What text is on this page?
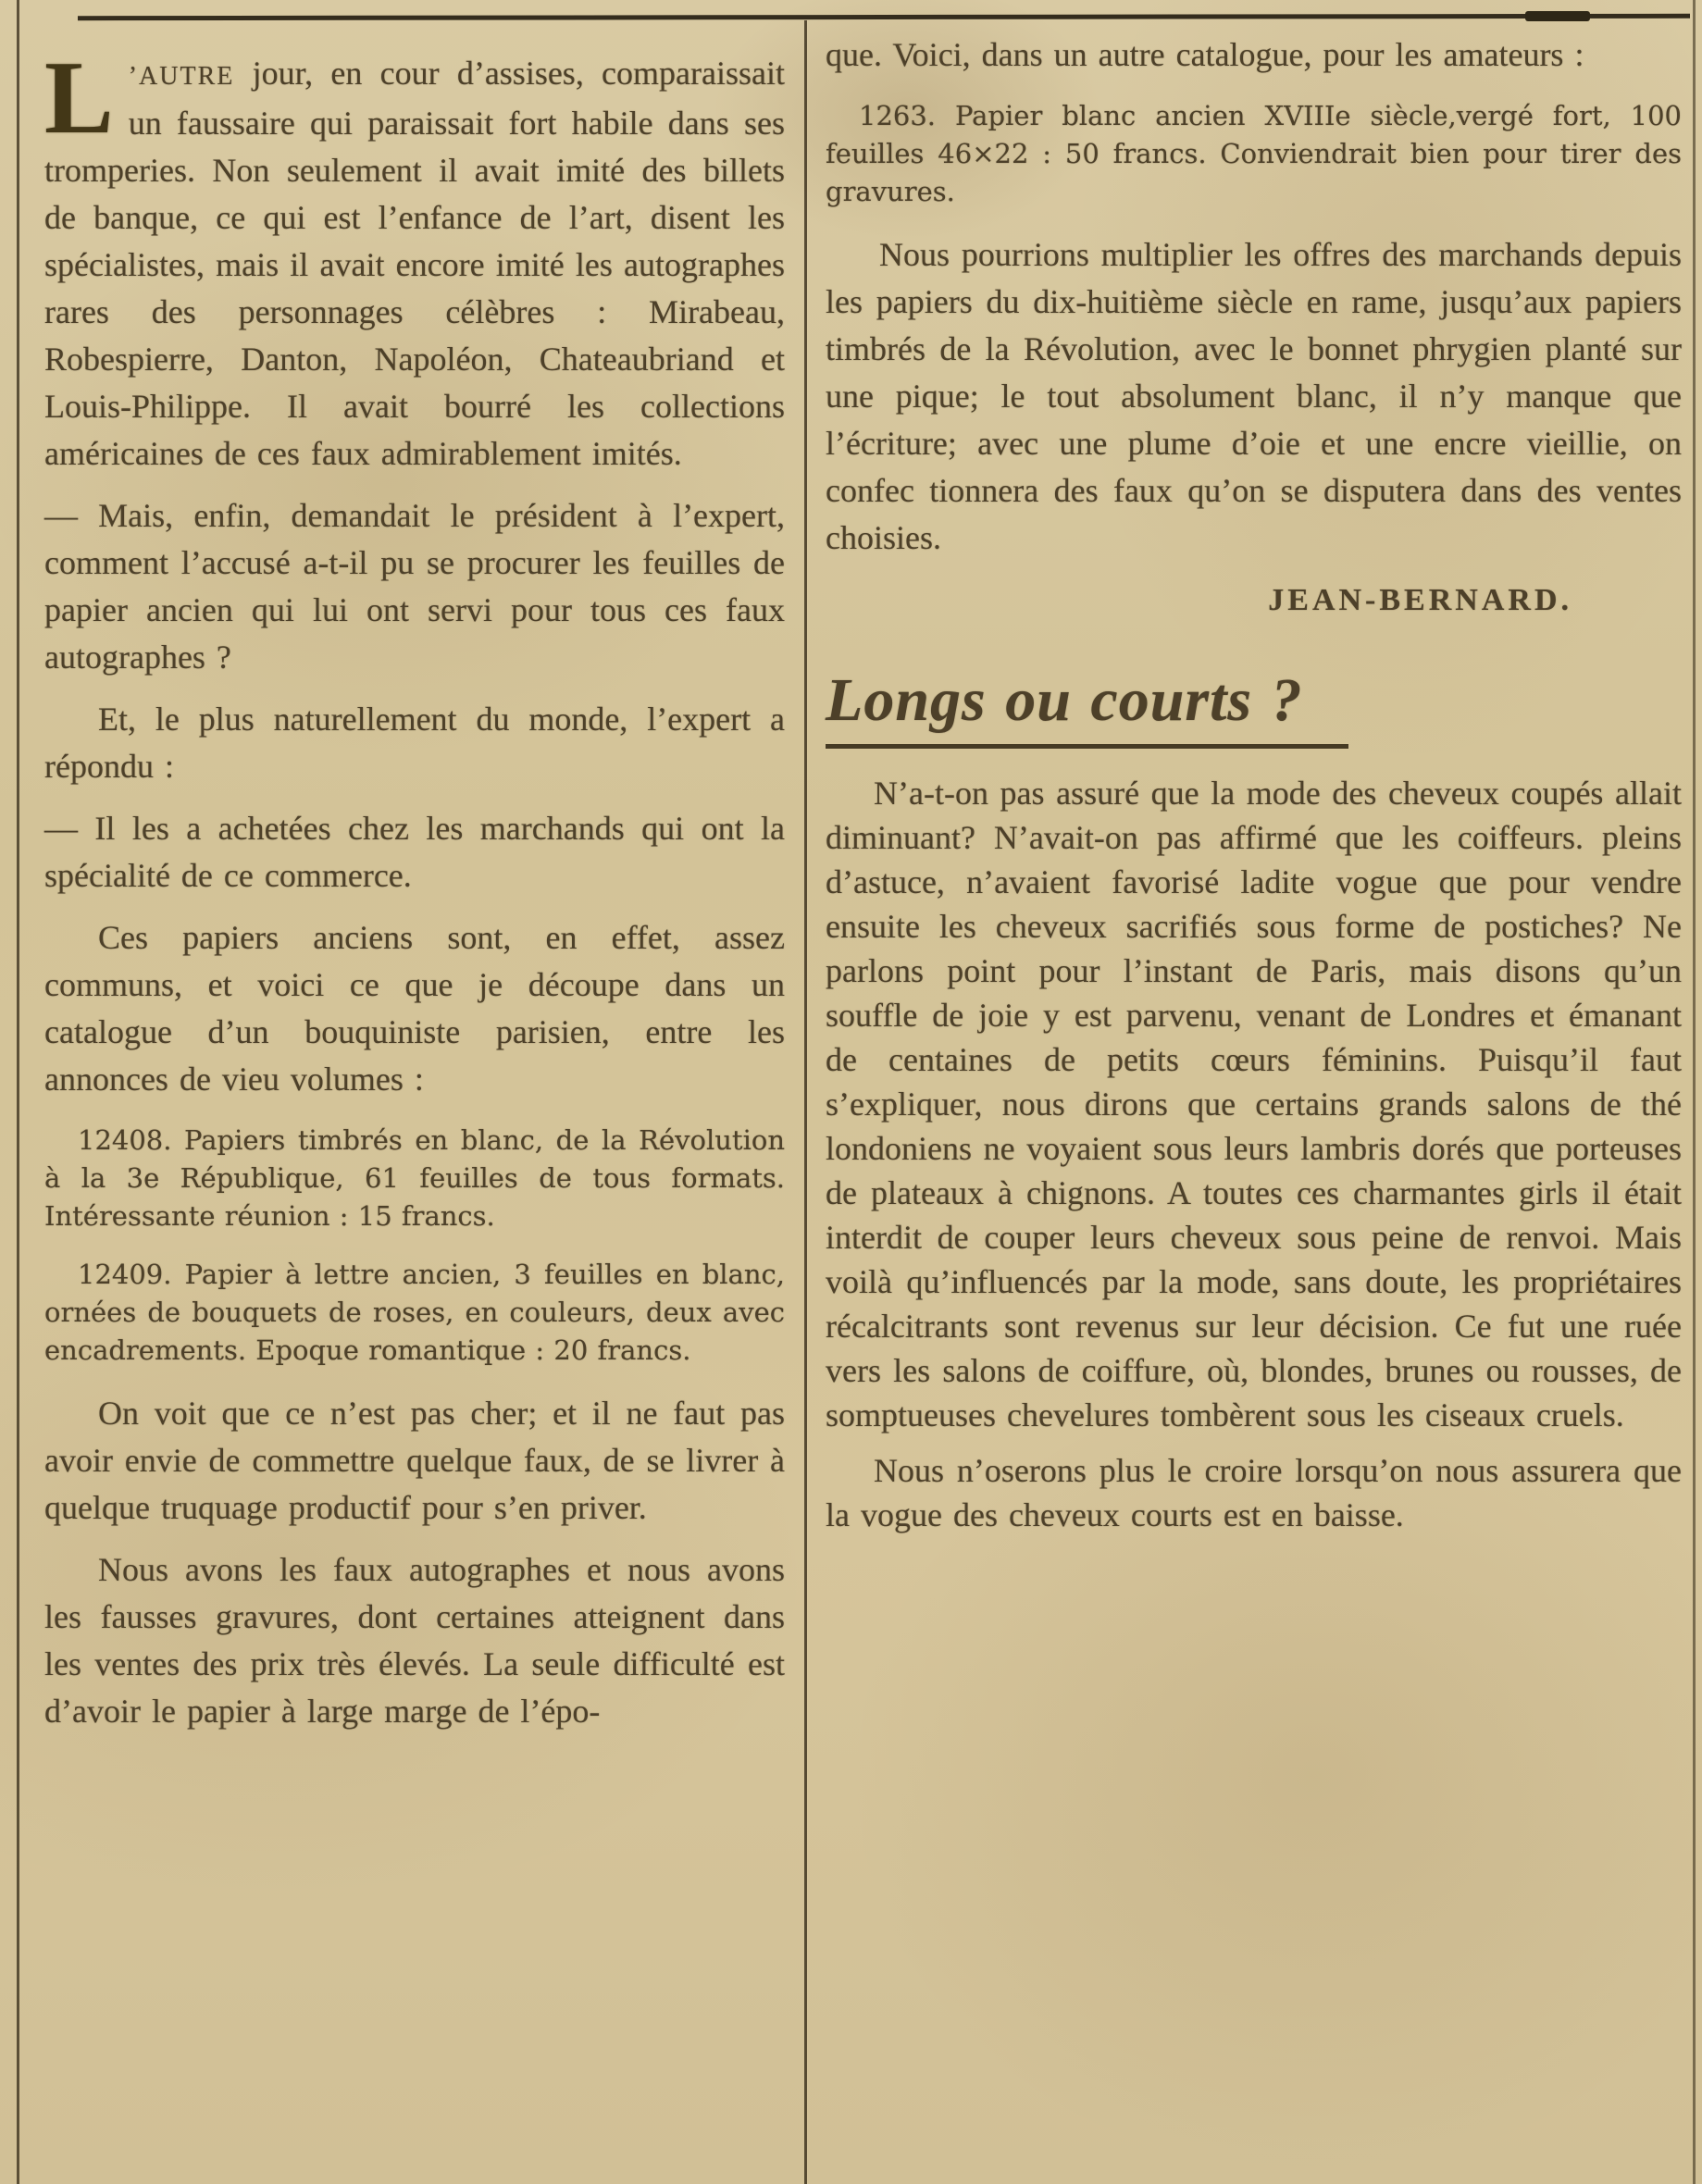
L ’AUTRE jour, en cour d’assises, comparaissait un faussaire qui paraissait fort habile dans ses tromperies. Non seulement il avait imité des billets de banque, ce qui est l’enfance de l’art, disent les spécialistes, mais il avait encore imité les autographes rares des personnages célèbres : Mirabeau, Robespierre, Danton, Napoléon, Chateaubriand et Louis-Philippe. Il avait bourré les collections américaines de ces faux admirablement imités.

— Mais, enfin, demandait le président à l’expert, comment l’accusé a-t-il pu se procurer les feuilles de papier ancien qui lui ont servi pour tous ces faux autographes ?

Et, le plus naturellement du monde, l’expert a répondu :

— Il les a achetées chez les marchands qui ont la spécialité de ce commerce.

Ces papiers anciens sont, en effet, assez communs, et voici ce que je découpe dans un catalogue d’un bouquiniste parisien, entre les annonces de vieu volumes :

12408. Papiers timbrés en blanc, de la Révolution à la 3e République, 61 feuilles de tous formats. Intéressante réunion : 15 francs.

12409. Papier à lettre ancien, 3 feuilles en blanc, ornées de bouquets de roses, en couleurs, deux avec encadrements. Epoque romantique : 20 francs.

On voit que ce n’est pas cher; et il ne faut pas avoir envie de commettre quelque faux, de se livrer à quelque truquage productif pour s’en priver.

Nous avons les faux autographes et nous avons les fausses gravures, dont certaines atteignent dans les ventes des prix très élevés. La seule difficulté est d’avoir le papier à large marge de l’épo-

que. Voici, dans un autre catalogue, pour les amateurs :

1263. Papier blanc ancien XVIIIe siècle,vergé fort, 100 feuilles 46×22 : 50 francs. Conviendrait bien pour tirer des gravures.

Nous pourrions multiplier les offres des marchands depuis les papiers du dix-huitième siècle en rame, jusqu’aux papiers timbrés de la Révolution, avec le bonnet phrygien planté sur une pique; le tout absolument blanc, il n’y manque que l’écriture; avec une plume d’oie et une encre vieillie, on confec tionnera des faux qu’on se disputera dans des ventes choisies.

JEAN-BERNARD.

Longs ou courts ?

N’a-t-on pas assuré que la mode des cheveux coupés allait diminuant? N’avait-on pas affirmé que les coiffeurs. pleins d’astuce, n’avaient favorisé ladite vogue que pour vendre ensuite les cheveux sacrifiés sous forme de postiches? Ne parlons point pour l’instant de Paris, mais disons qu’un souffle de joie y est parvenu, venant de Londres et émanant de centaines de petits cœurs féminins. Puisqu’il faut s’expliquer, nous dirons que certains grands salons de thé londoniens ne voyaient sous leurs lambris dorés que porteuses de plateaux à chignons. A toutes ces charmantes girls il était interdit de couper leurs cheveux sous peine de renvoi. Mais voilà qu’influencés par la mode, sans doute, les propriétaires récalcitrants sont revenus sur leur décision. Ce fut une ruée vers les salons de coiffure, où, blondes, brunes ou rousses, de somptueuses chevelures tombèrent sous les ciseaux cruels.

Nous n’oserons plus le croire lorsqu’on nous assurera que la vogue des cheveux courts est en baisse.
